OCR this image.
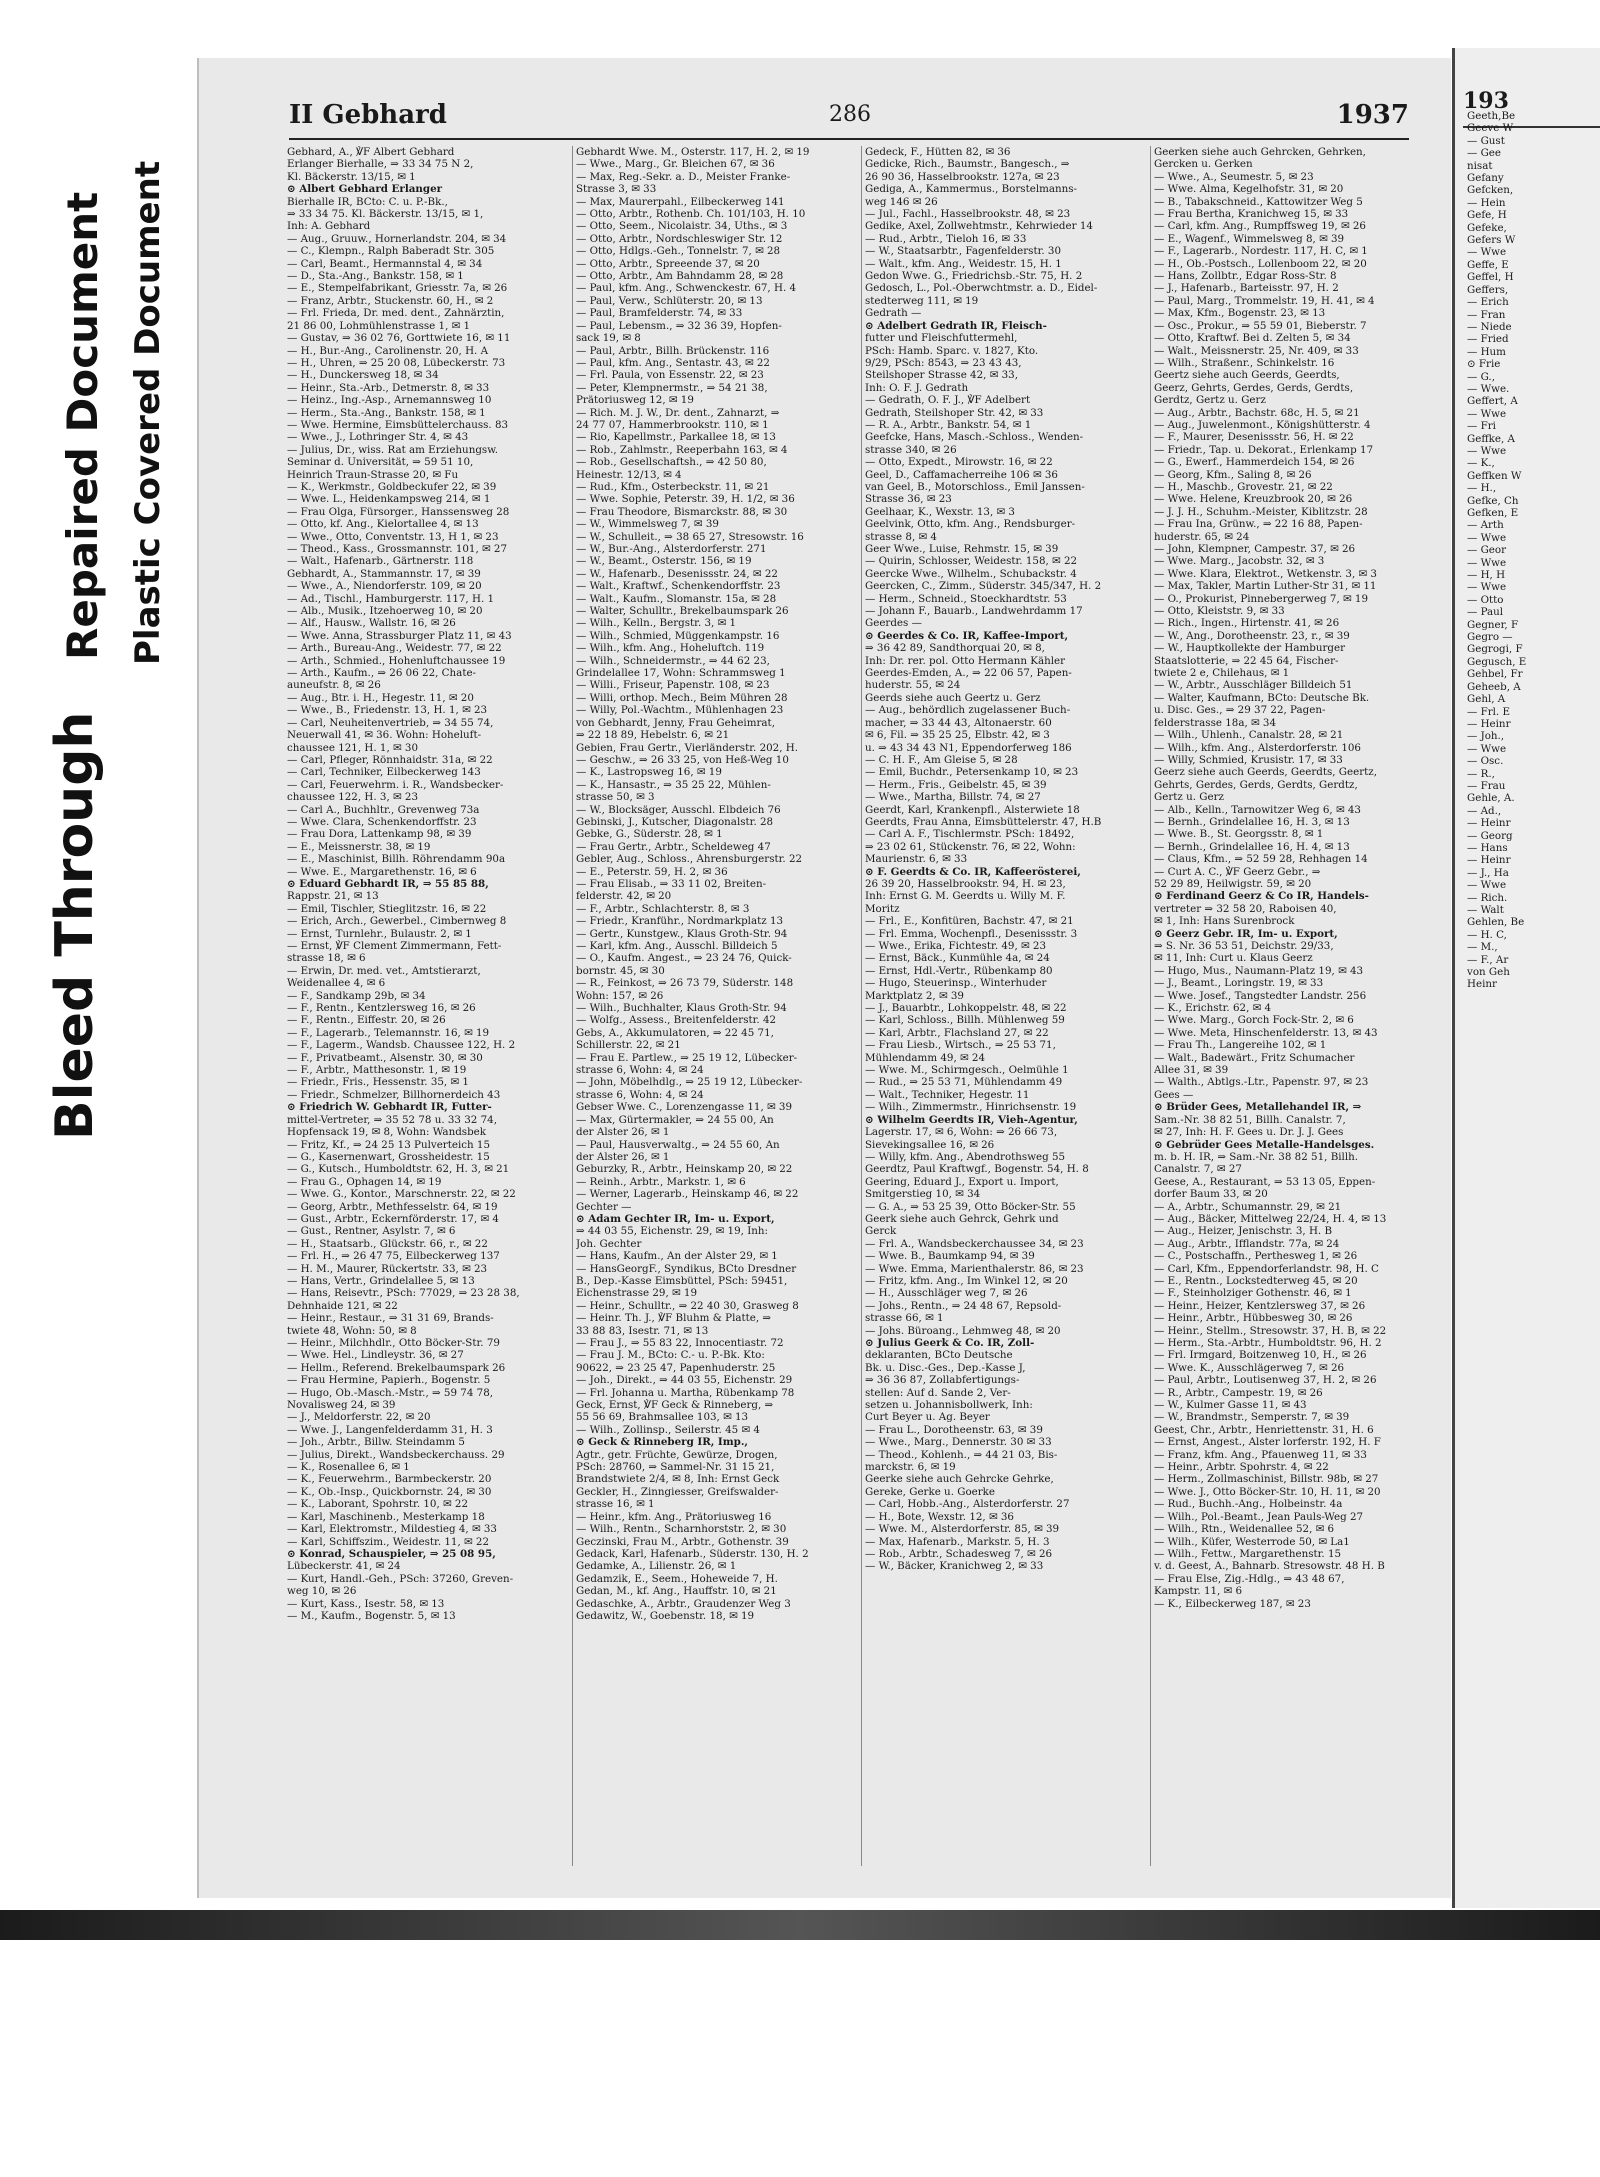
Bleed Through
Repaired Document Plastic Covered Document
II Gebhard	286	1937

Gebhard, A., ℣F Albert Gebhard

Erlanger Bierhalle, ⇒ 33 34 75 N 2,

Kl. Bäckerstr. 13/15, ✉ 1

⊙ Albert Gebhard Erlanger

Bierhalle IR, BCto: C. u. P.-Bk.,

⇒ 33 34 75. Kl. Bäckerstr. 13/15, ✉ 1,

Inh: A. Gebhard

— Aug., Gruuw., Hornerlandstr. 204, ✉ 34

— C., Klempn., Ralph Baberadt Str. 305

— Carl, Beamt., Hermannstal 4, ✉ 34

— D., Sta.-Ang., Bankstr. 158, ✉ 1

— E., Stempelfabrikant, Griesstr. 7a, ✉ 26

— Franz, Arbtr., Stuckenstr. 60, H., ✉ 2

— Frl. Frieda, Dr. med. dent., Zahnärztin,

21 86 00, Lohmühlenstrasse 1, ✉ 1

— Gustav, ⇒ 36 02 76, Gorttwiete 16, ✉ 11

— H., Bur.-Ang., Carolinenstr. 20, H. A

— H., Uhren, ⇒ 25 20 08, Lübeckerstr. 73

— H., Dunckersweg 18, ✉ 34

— Heinr., Sta.-Arb., Detmerstr. 8, ✉ 33

— Heinz., Ing.-Asp., Arnemannsweg 10

— Herm., Sta.-Ang., Bankstr. 158, ✉ 1

— Wwe. Hermine, Eimsbüttelerchauss. 83

— Wwe., J., Lothringer Str. 4, ✉ 43

— Julius, Dr., wiss. Rat am Erziehungsw.

Seminar d. Universität, ⇒ 59 51 10,

Heinrich Traun-Strasse 20, ✉ Fu

— K., Werkmstr., Goldbeckufer 22, ✉ 39

— Wwe. L., Heidenkampsweg 214, ✉ 1

— Frau Olga, Fürsorger., Hanssensweg 28

— Otto, kf. Ang., Kielortallee 4, ✉ 13

— Wwe., Otto, Conventstr. 13, H 1, ✉ 23

— Theod., Kass., Grossmannstr. 101, ✉ 27

— Walt., Hafenarb., Gärtnerstr. 118

Gebhardt, A., Stammannstr. 17, ✉ 39

— Wwe., A., Niendorferstr. 109, ✉ 20

— Ad., Tischl., Hamburgerstr. 117, H. 1

— Alb., Musik., Itzehoerweg 10, ✉ 20

— Alf., Hausw., Wallstr. 16, ✉ 26

— Wwe. Anna, Strassburger Platz 11, ✉ 43

— Arth., Bureau-Ang., Weidestr. 77, ✉ 22

— Arth., Schmied., Hohenluftchaussee 19

— Arth., Kaufm., ⇒ 26 06 22, Chate-

auneufstr. 8, ✉ 26

— Aug., Btr. i. H., Hegestr. 11, ✉ 20

— Wwe., B., Friedenstr. 13, H. 1, ✉ 23

— Carl, Neuheitenvertrieb, ⇒ 34 55 74,

Neuerwall 41, ✉ 36. Wohn: Hoheluft-

chaussee 121, H. 1, ✉ 30

— Carl, Pfleger, Rönnhaidstr. 31a, ✉ 22

— Carl, Techniker, Eilbeckerweg 143

— Carl, Feuerwehrm. i. R., Wandsbecker-

chaussee 122, H. 3, ✉ 23

— Carl A., Buchhltr., Grevenweg 73a

— Wwe. Clara, Schenkendorffstr. 23

— Frau Dora, Lattenkamp 98, ✉ 39

— E., Meissnerstr. 38, ✉ 19

— E., Maschinist, Billh. Röhrendamm 90a

— Wwe. E., Margarethenstr. 16, ✉ 6

⊙ Eduard Gebhardt IR, ⇒ 55 85 88,

Rappstr. 21, ✉ 13

— Emil, Tischler, Stieglitzstr. 16, ✉ 22

— Erich, Arch., Gewerbel., Cimbernweg 8

— Ernst, Turnlehr., Bulaustr. 2, ✉ 1

— Ernst, ℣F Clement Zimmermann, Fett-

strasse 18, ✉ 6

— Erwin, Dr. med. vet., Amtstierarzt,

Weidenallee 4, ✉ 6

— F., Sandkamp 29b, ✉ 34

— F., Rentn., Kentzlersweg 16, ✉ 26

— F., Rentn., Eiffestr. 20, ✉ 26

— F., Lagerarb., Telemannstr. 16, ✉ 19

— F., Lagerm., Wandsb. Chaussee 122, H. 2

— F., Privatbeamt., Alsenstr. 30, ✉ 30

— F., Arbtr., Matthesonstr. 1, ✉ 19

— Friedr., Fris., Hessenstr. 35, ✉ 1

— Friedr., Schmelzer, Billhornerdeich 43

⊙ Friedrich W. Gebhardt IR, Futter-

mittel-Vertreter, ⇒ 35 52 78 u. 33 32 74,

Hopfensack 19, ✉ 8, Wohn: Wandsbek

— Fritz, Kf., ⇒ 24 25 13 Pulverteich 15

— G., Kasernenwart, Grossheidestr. 15

— G., Kutsch., Humboldtstr. 62, H. 3, ✉ 21

— Frau G., Ophagen 14, ✉ 19

— Wwe. G., Kontor., Marschnerstr. 22, ✉ 22

— Georg, Arbtr., Methfesselstr. 64, ✉ 19

— Gust., Arbtr., Eckernförderstr. 17, ✉ 4

— Gust., Rentner, Asylstr. 7, ✉ 6

— H., Staatsarb., Glückstr. 66, r., ✉ 22

— Frl. H., ⇒ 26 47 75, Eilbeckerweg 137

— H. M., Maurer, Rückertstr. 33, ✉ 23

— Hans, Vertr., Grindelallee 5, ✉ 13

— Hans, Reisevtr., PSch: 77029, ⇒ 23 28 38,

Dehnhaide 121, ✉ 22

— Heinr., Restaur., ⇒ 31 31 69, Brands-

twiete 48, Wohn: 50, ✉ 8

— Heinr., Milchhdlr., Otto Böcker-Str. 79

— Wwe. Hel., Lindleystr. 36, ✉ 27

— Hellm., Referend. Brekelbaumspark 26

— Frau Hermine, Papierh., Bogenstr. 5

— Hugo, Ob.-Masch.-Mstr., ⇒ 59 74 78,

Novalisweg 24, ✉ 39

— J., Meldorferstr. 22, ✉ 20

— Wwe. J., Langenfelderdamm 31, H. 3

— Joh., Arbtr., Billw. Steindamm 5

— Julius, Direkt., Wandsbeckerchauss. 29

— K., Rosenallee 6, ✉ 1

— K., Feuerwehrm., Barmbeckerstr. 20

— K., Ob.-Insp., Quickbornstr. 24, ✉ 30

— K., Laborant, Spohrstr. 10, ✉ 22

— Karl, Maschinenb., Mesterkamp 18

— Karl, Elektromstr., Mildestieg 4, ✉ 33

— Karl, Schiffszim., Weidestr. 11, ✉ 22

⊙ Konrad, Schauspieler, ⇒ 25 08 95,

Lübeckerstr. 41, ✉ 24

— Kurt, Handl.-Geh., PSch: 37260, Greven-

weg 10, ✉ 26

— Kurt, Kass., Isestr. 58, ✉ 13

— M., Kaufm., Bogenstr. 5, ✉ 13

Gebhardt Wwe. M., Osterstr. 117, H. 2, ✉ 19

— Wwe., Marg., Gr. Bleichen 67, ✉ 36

— Max, Reg.-Sekr. a. D., Meister Franke-

Strasse 3, ✉ 33

— Max, Maurerpahl., Eilbeckerweg 141

— Otto, Arbtr., Rothenb. Ch. 101/103, H. 10

— Otto, Seem., Nicolaistr. 34, Uths., ✉ 3

— Otto, Arbtr., Nordschleswiger Str. 12

— Otto, Hdlgs.-Geh., Tonnelstr. 7, ✉ 28

— Otto, Arbtr., Spreeende 37, ✉ 20

— Otto, Arbtr., Am Bahndamm 28, ✉ 28

— Paul, kfm. Ang., Schwenckestr. 67, H. 4

— Paul, Verw., Schlüterstr. 20, ✉ 13

— Paul, Bramfelderstr. 74, ✉ 33

— Paul, Lebensm., ⇒ 32 36 39, Hopfen-

sack 19, ✉ 8

— Paul, Arbtr., Billh. Brückenstr. 116

— Paul, kfm. Ang., Sentastr. 43, ✉ 22

— Frl. Paula, von Essenstr. 22, ✉ 23

— Peter, Klempnermstr., ⇒ 54 21 38,

Prätoriusweg 12, ✉ 19

— Rich. M. J. W., Dr. dent., Zahnarzt, ⇒

24 77 07, Hammerbrookstr. 110, ✉ 1

— Rio, Kapellmstr., Parkallee 18, ✉ 13

— Rob., Zahlmstr., Reeperbahn 163, ✉ 4

— Rob., Gesellschaftsh., ⇒ 42 50 80,

Heinestr. 12/13, ✉ 4

— Rud., Kfm., Osterbeckstr. 11, ✉ 21

— Wwe. Sophie, Peterstr. 39, H. 1/2, ✉ 36

— Frau Theodore, Bismarckstr. 88, ✉ 30

— W., Wimmelsweg 7, ✉ 39

— W., Schulleit., ⇒ 38 65 27, Stresowstr. 16

— W., Bur.-Ang., Alsterdorferstr. 271

— W., Beamt., Osterstr. 156, ✉ 19

— W., Hafenarb., Desenissstr. 24, ✉ 22

— Walt., Kraftwf., Schenkendorffstr. 23

— Walt., Kaufm., Slomanstr. 15a, ✉ 28

— Walter, Schulltr., Brekelbaumspark 26

— Wilh., Kelln., Bergstr. 3, ✉ 1

— Wilh., Schmied, Müggenkampstr. 16

— Wilh., kfm. Ang., Hoheluftch. 119

— Wilh., Schneidermstr., ⇒ 44 62 23,

Grindelallee 17, Wohn: Schrammsweg 1

— Willi., Friseur, Papenstr. 108, ✉ 23

— Willi, orthop. Mech., Beim Mühren 28

— Willy, Pol.-Wachtm., Mühlenhagen 23

von Gebhardt, Jenny, Frau Geheimrat,

⇒ 22 18 89, Hebelstr. 6, ✉ 21

Gebien, Frau Gertr., Vierländerstr. 202, H.

— Geschw., ⇒ 26 33 25, von Heß-Weg 10

— K., Lastropsweg 16, ✉ 19

— K., Hansastr., ⇒ 35 25 22, Mühlen-

strasse 50, ✉ 3

— W., Blocksäger, Ausschl. Elbdeich 76

Gebinski, J., Kutscher, Diagonalstr. 28

Gebke, G., Süderstr. 28, ✉ 1

— Frau Gertr., Arbtr., Scheldeweg 47

Gebler, Aug., Schloss., Ahrensburgerstr. 22

— E., Peterstr. 59, H. 2, ✉ 36

— Frau Elisab., ⇒ 33 11 02, Breiten-

felderstr. 42, ✉ 20

— F., Arbtr., Schlachterstr. 8, ✉ 3

— Friedr., Kranführ., Nordmarkplatz 13

— Gertr., Kunstgew., Klaus Groth-Str. 94

— Karl, kfm. Ang., Ausschl. Billdeich 5

— O., Kaufm. Angest., ⇒ 23 24 76, Quick-

bornstr. 45, ✉ 30

— R., Feinkost, ⇒ 26 73 79, Süderstr. 148

Wohn: 157, ✉ 26

— Wilh., Buchhalter, Klaus Groth-Str. 94

— Wolfg., Assess., Breitenfelderstr. 42

Gebs, A., Akkumulatoren, ⇒ 22 45 71,

Schillerstr. 22, ✉ 21

— Frau E. Partlew., ⇒ 25 19 12, Lübecker-

strasse 6, Wohn: 4, ✉ 24

— John, Möbelhdlg., ⇒ 25 19 12, Lübecker-

strasse 6, Wohn: 4, ✉ 24

Gebser Wwe. C., Lorenzengasse 11, ✉ 39

— Max, Gürtermakler, ⇒ 24 55 00, An

der Alster 26, ✉ 1

— Paul, Hausverwaltg., ⇒ 24 55 60, An

der Alster 26, ✉ 1

Geburzky, R., Arbtr., Heinskamp 20, ✉ 22

— Reinh., Arbtr., Markstr. 1, ✉ 6

— Werner, Lagerarb., Heinskamp 46, ✉ 22

Gechter —

⊙ Adam Gechter IR, Im- u. Export,

⇒ 44 03 55, Eichenstr. 29, ✉ 19, Inh:

Joh. Gechter

— Hans, Kaufm., An der Alster 29, ✉ 1

— HansGeorgF., Syndikus, BCto Dresdner

B., Dep.-Kasse Eimsbüttel, PSch: 59451,

Eichenstrasse 29, ✉ 19

— Heinr., Schulltr., ⇒ 22 40 30, Grasweg 8

— Heinr. Th. J., ℣F Bluhm & Platte, ⇒

33 88 83, Isestr. 71, ✉ 13

— Frau J., ⇒ 55 83 22, Innocentiastr. 72

— Frau J. M., BCto: C.- u. P.-Bk. Kto:

90622, ⇒ 23 25 47, Papenhuderstr. 25

— Joh., Direkt., ⇒ 44 03 55, Eichenstr. 29

— Frl. Johanna u. Martha, Rübenkamp 78

Geck, Ernst, ℣F Geck & Rinneberg, ⇒

55 56 69, Brahmsallee 103, ✉ 13

— Wilh., Zollinsp., Seilerstr. 45 ✉ 4

⊙ Geck & Rinneberg IR, Imp.,

Agtr., getr. Früchte, Gewürze, Drogen,

PSch: 28760, ⇒ Sammel-Nr. 31 15 21,

Brandstwiete 2/4, ✉ 8, Inh: Ernst Geck

Geckler, H., Zinngiesser, Greifswalder-

strasse 16, ✉ 1

— Heinr., kfm. Ang., Prätoriusweg 16

— Wilh., Rentn., Scharnhorststr. 2, ✉ 30

Geczinski, Frau M., Arbtr., Gothenstr. 39

Gedack, Karl, Hafenarb., Süderstr. 130, H. 2

Gedamke, A., Lilienstr. 26, ✉ 1

Gedamzik, E., Seem., Hoheweide 7, H.

Gedan, M., kf. Ang., Hauffstr. 10, ✉ 21

Gedaschke, A., Arbtr., Graudenzer Weg 3

Gedawitz, W., Goebenstr. 18, ✉ 19

Gedeck, F., Hütten 82, ✉ 36

Gedicke, Rich., Baumstr., Bangesch., ⇒

26 90 36, Hasselbrookstr. 127a, ✉ 23

Gediga, A., Kammermus., Borstelmanns-

weg 146 ✉ 26

— Jul., Fachl., Hasselbrookstr. 48, ✉ 23

Gedike, Axel, Zollwehtmstr., Kehrwieder 14

— Rud., Arbtr., Tieloh 16, ✉ 33

— W., Staatsarbtr., Fagenfelderstr. 30

— Walt., kfm. Ang., Weidestr. 15, H. 1

Gedon Wwe. G., Friedrichsb.-Str. 75, H. 2

Gedosch, L., Pol.-Oberwchtmstr. a. D., Eidel-

stedterweg 111, ✉ 19

Gedrath —

⊙ Adelbert Gedrath IR, Fleisch-

futter und Fleischfuttermehl,

PSch: Hamb. Sparc. v. 1827, Kto.

9/29, PSch: 8543, ⇒ 23 43 43,

Steilshoper Strasse 42, ✉ 33,

Inh: O. F. J. Gedrath

— Gedrath, O. F. J., ℣F Adelbert

Gedrath, Steilshoper Str. 42, ✉ 33

— R. A., Arbtr., Bankstr. 54, ✉ 1

Geefcke, Hans, Masch.-Schloss., Wenden-

strasse 340, ✉ 26

— Otto, Expedt., Mirowstr. 16, ✉ 22

Geel, D., Caffamacherreihe 106 ✉ 36

van Geel, B., Motorschloss., Emil Janssen-

Strasse 36, ✉ 23

Geelhaar, K., Wexstr. 13, ✉ 3

Geelvink, Otto, kfm. Ang., Rendsburger-

strasse 8, ✉ 4

Geer Wwe., Luise, Rehmstr. 15, ✉ 39

— Quirin, Schlosser, Weidestr. 158, ✉ 22

Geercke Wwe., Wilhelm., Schubackstr. 4

Geercken, C., Zimm., Süderstr. 345/347, H. 2

— Herm., Schneid., Stoeckhardtstr. 53

— Johann F., Bauarb., Landwehrdamm 17

Geerdes —

⊙ Geerdes & Co. IR, Kaffee-Import,

⇒ 36 42 89, Sandthorquai 20, ✉ 8,

Inh: Dr. rer. pol. Otto Hermann Kähler

Geerdes-Emden, A., ⇒ 22 06 57, Papen-

huderstr. 55, ✉ 24

Geerds siehe auch Geertz u. Gerz

— Aug., behördlich zugelassener Buch-

macher, ⇒ 33 44 43, Altonaerstr. 60

✉ 6, Fil. ⇒ 35 25 25, Elbstr. 42, ✉ 3

u. ⇒ 43 34 43 N1, Eppendorferweg 186

— C. H. F., Am Gleise 5, ✉ 28

— Emil, Buchdr., Petersenkamp 10, ✉ 23

— Herm., Fris., Geibelstr. 45, ✉ 39

— Wwe., Martha, Billstr. 74, ✉ 27

Geerdt, Karl, Krankenpfl., Alsterwiete 18

Geerdts, Frau Anna, Eimsbüttelerstr. 47, H.B

— Carl A. F., Tischlermstr. PSch: 18492,

⇒ 23 02 61, Stückenstr. 76, ✉ 22, Wohn:

Maurienstr. 6, ✉ 33

⊙ F. Geerdts & Co. IR, Kaffeerösterei,

26 39 20, Hasselbrookstr. 94, H. ✉ 23,

Inh: Ernst G. M. Geerdts u. Willy M. F.

Moritz

— Frl., E., Konfitüren, Bachstr. 47, ✉ 21

— Frl. Emma, Wochenpfl., Desenissstr. 3

— Wwe., Erika, Fichtestr. 49, ✉ 23

— Ernst, Bäck., Kunmühle 4a, ✉ 24

— Ernst, Hdl.-Vertr., Rübenkamp 80

— Hugo, Steuerinsp., Winterhuder

Marktplatz 2, ✉ 39

— J., Bauarbtr., Lohkoppelstr. 48, ✉ 22

— Karl, Schloss., Billh. Mühlenweg 59

— Karl, Arbtr., Flachsland 27, ✉ 22

— Frau Liesb., Wirtsch., ⇒ 25 53 71,

Mühlendamm 49, ✉ 24

— Wwe. M., Schirmgesch., Oelmühle 1

— Rud., ⇒ 25 53 71, Mühlendamm 49

— Walt., Techniker, Hegestr. 11

— Wilh., Zimmermstr., Hinrichsenstr. 19

⊙ Wilhelm Geerdts IR, Vieh-Agentur,

Lagerstr. 17, ✉ 6, Wohn: ⇒ 26 66 73,

Sievekingsallee 16, ✉ 26

— Willy, kfm. Ang., Abendrothsweg 55

Geerdtz, Paul Kraftwgf., Bogenstr. 54, H. 8

Geering, Eduard J., Export u. Import,

Smitgerstieg 10, ✉ 34

— G. A., ⇒ 53 25 39, Otto Böcker-Str. 55

Geerk siehe auch Gehrck, Gehrk und

Gerck

— Frl. A., Wandsbeckerchaussee 34, ✉ 23

— Wwe. B., Baumkamp 94, ✉ 39

— Wwe. Emma, Marienthalerstr. 86, ✉ 23

— Fritz, kfm. Ang., Im Winkel 12, ✉ 20

— H., Ausschläger weg 7, ✉ 26

— Johs., Rentn., ⇒ 24 48 67, Repsold-

strasse 66, ✉ 1

— Johs. Büroang., Lehmweg 48, ✉ 20

⊙ Julius Geerk & Co. IR, Zoll-

deklaranten, BCto Deutsche

Bk. u. Disc.-Ges., Dep.-Kasse J,

⇒ 36 36 87, Zollabfertigungs-

stellen: Auf d. Sande 2, Ver-

setzen u. Johannisbollwerk, Inh:

Curt Beyer u. Ag. Beyer

— Frau L., Dorotheenstr. 63, ✉ 39

— Wwe., Marg., Dennerstr. 30 ✉ 33

— Theod., Kohlenh., ⇒ 44 21 03, Bis-

marckstr. 6, ✉ 19

Geerke siehe auch Gehrcke Gehrke,

Gereke, Gerke u. Goerke

— Carl, Hobb.-Ang., Alsterdorferstr. 27

— H., Bote, Wexstr. 12, ✉ 36

— Wwe. M., Alsterdorferstr. 85, ✉ 39

— Max, Hafenarb., Markstr. 5, H. 3

— Rob., Arbtr., Schadesweg 7, ✉ 26

— W., Bäcker, Kranichweg 2, ✉ 33

Geerken siehe auch Gehrcken, Gehrken,

Gercken u. Gerken

— Wwe., A., Seumestr. 5, ✉ 23

— Wwe. Alma, Kegelhofstr. 31, ✉ 20

— B., Tabakschneid., Kattowitzer Weg 5

— Frau Bertha, Kranichweg 15, ✉ 33

— Carl, kfm. Ang., Rumpffsweg 19, ✉ 26

— E., Wagenf., Wimmelsweg 8, ✉ 39

— F., Lagerarb., Nordestr. 117, H. C, ✉ 1

— H., Ob.-Postsch., Lollenboom 22, ✉ 20

— Hans, Zollbtr., Edgar Ross-Str. 8

— J., Hafenarb., Barteisstr. 97, H. 2

— Paul, Marg., Trommelstr. 19, H. 41, ✉ 4

— Max, Kfm., Bogenstr. 23, ✉ 13

— Osc., Prokur., ⇒ 55 59 01, Bieberstr. 7

— Otto, Kraftwf. Bei d. Zelten 5, ✉ 34

— Walt., Meissnerstr. 25, Nr. 409, ✉ 33

— Wilh., Straßenr., Schinkelstr. 16

Geertz siehe auch Geerds, Geerdts,

Geerz, Gehrts, Gerdes, Gerds, Gerdts,

Gerdtz, Gertz u. Gerz

— Aug., Arbtr., Bachstr. 68c, H. 5, ✉ 21

— Aug., Juwelenmont., Königshütterstr. 4

— F., Maurer, Desenissstr. 56, H. ✉ 22

— Friedr., Tap. u. Dekorat., Erlenkamp 17

— G., Ewerf., Hammerdeich 154, ✉ 26

— Georg, Kfm., Saling 8, ✉ 26

— H., Maschb., Grovestr. 21, ✉ 22

— Wwe. Helene, Kreuzbrook 20, ✉ 26

— J. J. H., Schuhm.-Meister, Kiblitzstr. 28

— Frau Ina, Grünw., ⇒ 22 16 88, Papen-

huderstr. 65, ✉ 24

— John, Klempner, Campestr. 37, ✉ 26

— Wwe. Marg., Jacobstr. 32, ✉ 3

— Wwe. Klara, Elektrot., Wetkenstr. 3, ✉ 3

— Max, Takler, Martin Luther-Str 31, ✉ 11

— O., Prokurist, Pinnebergerweg 7, ✉ 19

— Otto, Kleiststr. 9, ✉ 33

— Rich., Ingen., Hirtenstr. 41, ✉ 26

— W., Ang., Dorotheenstr. 23, r., ✉ 39

— W., Hauptkollekte der Hamburger

Staatslotterie, ⇒ 22 45 64, Fischer-

twiete 2 e, Chilehaus, ✉ 1

— W., Arbtr., Ausschläger Billdeich 51

— Walter, Kaufmann, BCto: Deutsche Bk.

u. Disc. Ges., ⇒ 29 37 22, Pagen-

felderstrasse 18a, ✉ 34

— Wilh., Uhlenh., Canalstr. 28, ✉ 21

— Wilh., kfm. Ang., Alsterdorferstr. 106

— Willy, Schmied, Krusistr. 17, ✉ 33

Geerz siehe auch Geerds, Geerdts, Geertz,

Gehrts, Gerdes, Gerds, Gerdts, Gerdtz,

Gertz u. Gerz

— Alb., Kelln., Tarnowitzer Weg 6, ✉ 43

— Bernh., Grindelallee 16, H. 3, ✉ 13

— Wwe. B., St. Georgsstr. 8, ✉ 1

— Bernh., Grindelallee 16, H. 4, ✉ 13

— Claus, Kfm., ⇒ 52 59 28, Rehhagen 14

— Curt A. C., ℣F Geerz Gebr., ⇒

52 29 89, Heilwigstr. 59, ✉ 20

⊙ Ferdinand Geerz & Co IR, Handels-

vertreter ⇒ 32 58 20, Raboisen 40,

✉ 1, Inh: Hans Surenbrock

⊙ Geerz Gebr. IR, Im- u. Export,

⇒ S. Nr. 36 53 51, Deichstr. 29/33,

✉ 11, Inh: Curt u. Klaus Geerz

— Hugo, Mus., Naumann-Platz 19, ✉ 43

— J., Beamt., Loringstr. 19, ✉ 33

— Wwe. Josef., Tangstedter Landstr. 256

— K., Erichstr. 62, ✉ 4

— Wwe. Marg., Gorch Fock-Str. 2, ✉ 6

— Wwe. Meta, Hinschenfelderstr. 13, ✉ 43

— Frau Th., Langereihe 102, ✉ 1

— Walt., Badewärt., Fritz Schumacher

Allee 31, ✉ 39

— Walth., Abtlgs.-Ltr., Papenstr. 97, ✉ 23

Gees —

⊙ Brüder Gees, Metallehandel IR, ⇒

Sam.-Nr. 38 82 51, Billh. Canalstr. 7,

✉ 27, Inh: H. F. Gees u. Dr. J. J. Gees

⊙ Gebrüder Gees Metalle-Handelsges.

m. b. H. IR, ⇒ Sam.-Nr. 38 82 51, Billh.

Canalstr. 7, ✉ 27

Geese, A., Restaurant, ⇒ 53 13 05, Eppen-

dorfer Baum 33, ✉ 20

— A., Arbtr., Schumannstr. 29, ✉ 21

— Aug., Bäcker, Mittelweg 22/24, H. 4, ✉ 13

— Aug., Heizer, Jenischstr. 3, H. B

— Aug., Arbtr., Ifflandstr. 77a, ✉ 24

— C., Postschaffn., Perthesweg 1, ✉ 26

— Carl, Kfm., Eppendorferlandstr. 98, H. C

— E., Rentn., Lockstedterweg 45, ✉ 20

— F., Steinholziger Gothenstr. 46, ✉ 1

— Heinr., Heizer, Kentzlersweg 37, ✉ 26

— Heinr., Arbtr., Hübbesweg 30, ✉ 26

— Heinr., Stellm., Stresowstr. 37, H. B, ✉ 22

— Herm., Sta.-Arbtr., Humboldtstr. 96, H. 2

— Frl. Irmgard, Boitzenweg 10, H., ✉ 26

— Wwe. K., Ausschlägerweg 7, ✉ 26

— Paul, Arbtr., Loutisenweg 37, H. 2, ✉ 26

— R., Arbtr., Campestr. 19, ✉ 26

— W., Kulmer Gasse 11, ✉ 43

— W., Brandmstr., Semperstr. 7, ✉ 39

Geest, Chr., Arbtr., Henriettenstr. 31, H. 6

— Ernst, Angest., Alster lorferstr. 192, H. F

— Franz, kfm. Ang., Pfauenweg 11, ✉ 33

— Heinr., Arbtr. Spohrstr. 4, ✉ 22

— Herm., Zollmaschinist, Billstr. 98b, ✉ 27

— Wwe. J., Otto Böcker-Str. 10, H. 11, ✉ 20

— Rud., Buchh.-Ang., Holbeinstr. 4a

— Wilh., Pol.-Beamt., Jean Pauls-Weg 27

— Wilh., Rtn., Weidenallee 52, ✉ 6

— Wilh., Küfer, Westerrode 50, ✉ La1

— Wilh., Fettw., Margarethenstr. 15

v. d. Geest, A., Bahnarb. Stresowstr. 48 H. B

— Frau Else, Zig.-Hdlg., ⇒ 43 48 67,

Kampstr. 11, ✉ 6

— K., Eilbeckerweg 187, ✉ 23

193

Geeth,Be

Geeve W

— Gust

— Gee

nisat

Gefany

Gefcken,

— Hein

Gefe, H

Gefeke,

Gefers W

— Wwe

Geffe, E

Geffel, H

Geffers,

— Erich

— Fran

— Niede

— Fried

— Hum

⊙ Frie

— G.,

— Wwe.

Geffert, A

— Wwe

— Fri

Geffke, A

— Wwe

— K.,

Geffken W

— H.,

Gefke, Ch

Gefken, E

— Arth

— Wwe

— Geor

— Wwe

— H, H

— Wwe

— Otto

— Paul

Gegner, F

Gegro —

Gegrogi, F

Gegusch, E

Gehbel, Fr

Geheeb, A

Gehl, A

— Frl. E

— Heinr

— Joh.,

— Wwe

— Osc.

— R.,

— Frau

Gehle, A.

— Ad.,

— Heinr

— Georg

— Hans

— Heinr

— J., Ha

— Wwe

— Rich.

— Walt

Gehlen, Be

— H. C,

— M.,

— F., Ar

von Geh

Heinr
